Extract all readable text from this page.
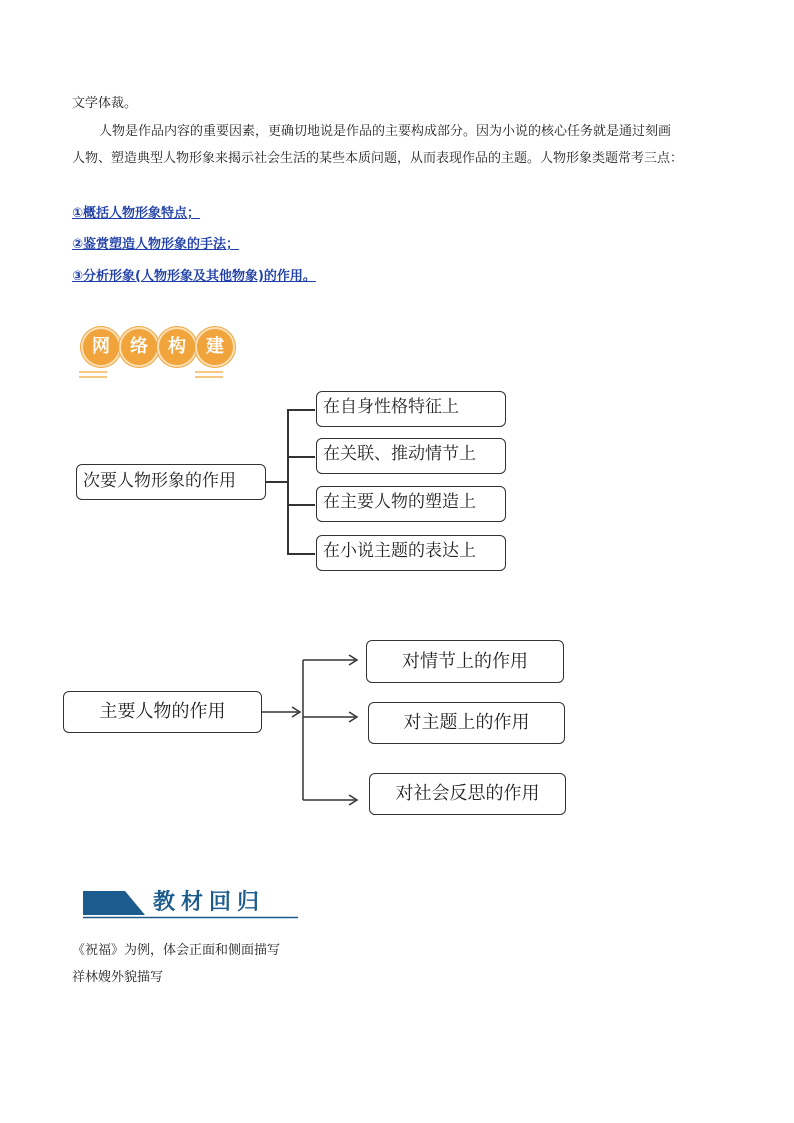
文学体裁。
人物是作品内容的重要因素，更确切地说是作品的主要构成部分。因为小说的核心任务就是通过刻画
人物、塑造典型人物形象来揭示社会生活的某些本质问题，从而表现作品的主题。人物形象类题常考三点：
①概括人物形象特点；
②鉴赏塑造人物形象的手法；
③分析形象(人物形象及其他物象)的作用。
网	络	构	建
次要人物形象的作用
在自身性格特征上
在关联、推动情节上
在主要人物的塑造上
在小说主题的表达上
主要人物的作用
对情节上的作用
对主题上的作用
对社会反思的作用
教材回归
《祝福》为例，体会正面和侧面描写
祥林嫂外貌描写
